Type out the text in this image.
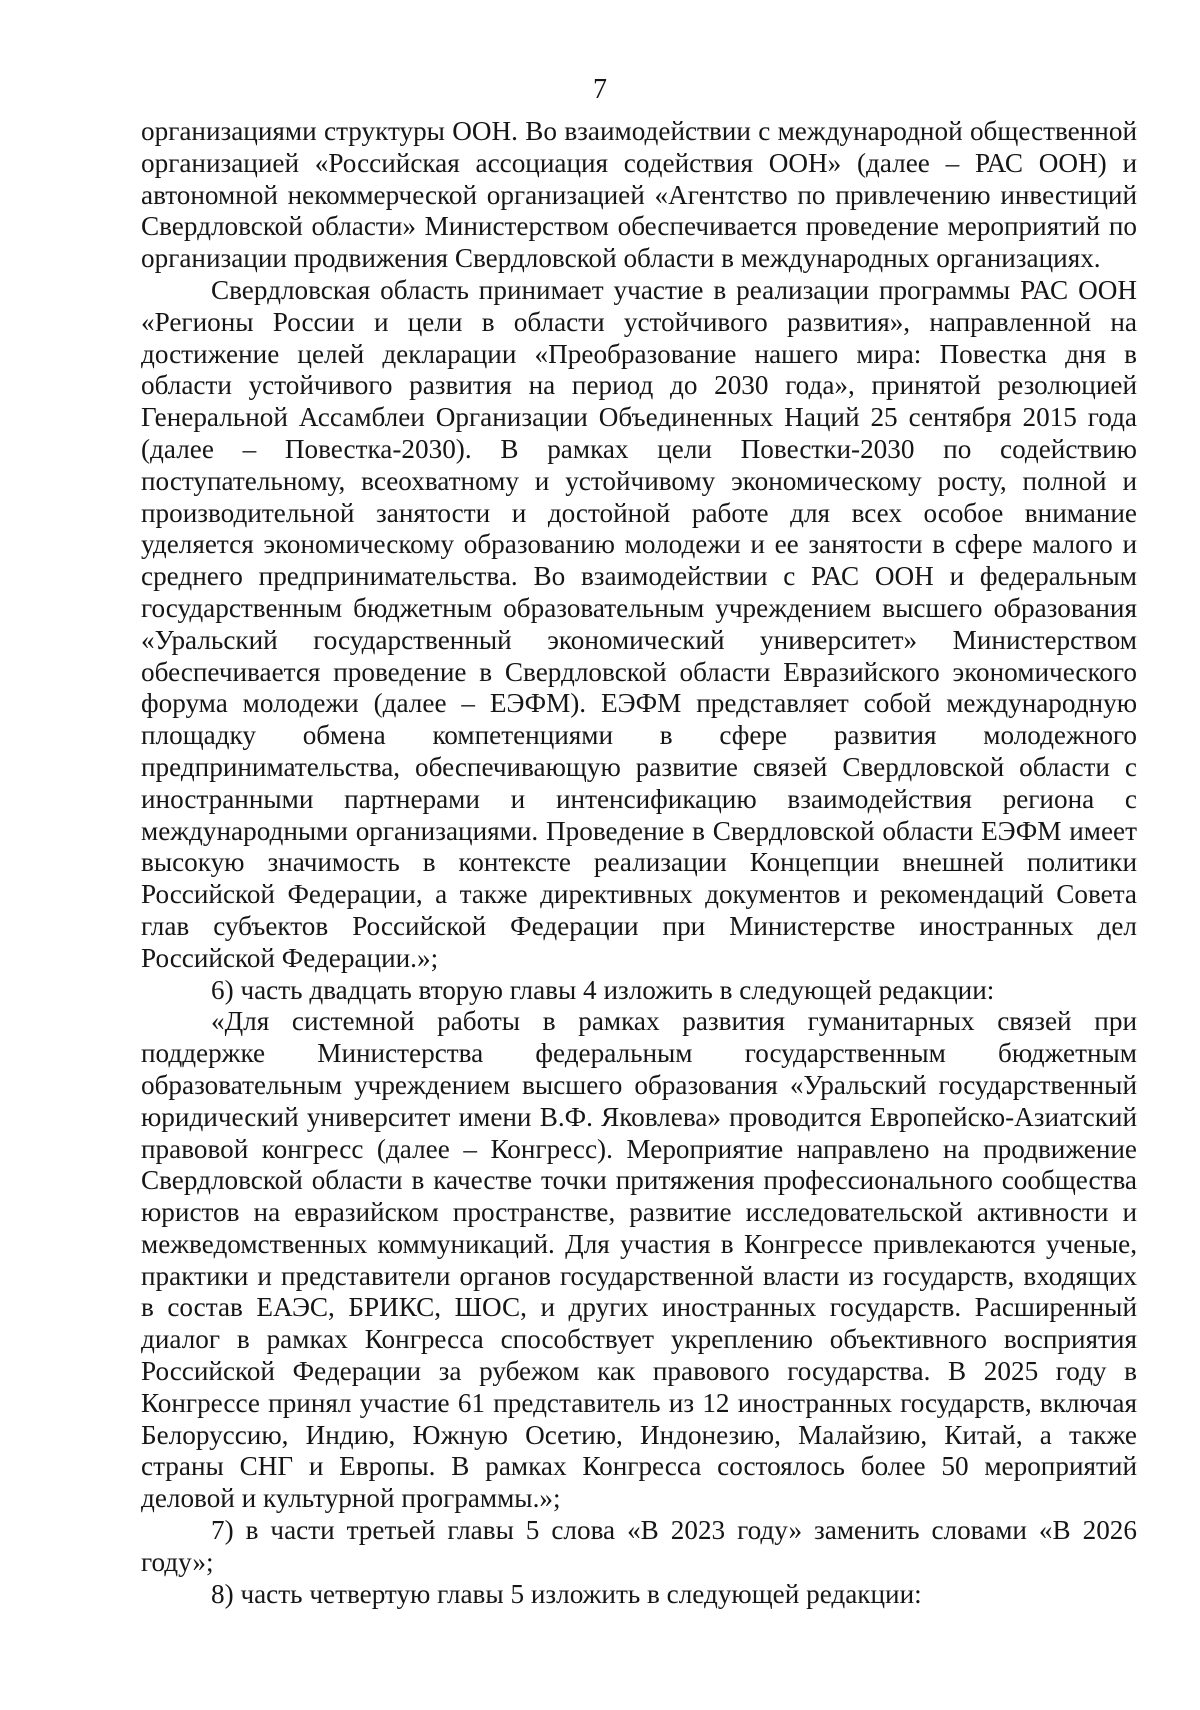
7

организациями структуры ООН. Во взаимодействии с международной общественной организацией «Российская ассоциация содействия ООН» (далее – РАС ООН) и автономной некоммерческой организацией «Агентство по привлечению инвестиций Свердловской области» Министерством обеспечивается проведение мероприятий по организации продвижения Свердловской области в международных организациях.

Свердловская область принимает участие в реализации программы РАС ООН «Регионы России и цели в области устойчивого развития», направленной на достижение целей декларации «Преобразование нашего мира: Повестка дня в области устойчивого развития на период до 2030 года», принятой резолюцией Генеральной Ассамблеи Организации Объединенных Наций 25 сентября 2015 года (далее – Повестка-2030). В рамках цели Повестки-2030 по содействию поступательному, всеохватному и устойчивому экономическому росту, полной и производительной занятости и достойной работе для всех особое внимание уделяется экономическому образованию молодежи и ее занятости в сфере малого и среднего предпринимательства. Во взаимодействии с РАС ООН и федеральным государственным бюджетным образовательным учреждением высшего образования «Уральский государственный экономический университет» Министерством обеспечивается проведение в Свердловской области Евразийского экономического форума молодежи (далее – ЕЭФМ). ЕЭФМ представляет собой международную площадку обмена компетенциями в сфере развития молодежного предпринимательства, обеспечивающую развитие связей Свердловской области с иностранными партнерами и интенсификацию взаимодействия региона с международными организациями. Проведение в Свердловской области ЕЭФМ имеет высокую значимость в контексте реализации Концепции внешней политики Российской Федерации, а также директивных документов и рекомендаций Совета глав субъектов Российской Федерации при Министерстве иностранных дел Российской Федерации.»;

6) часть двадцать вторую главы 4 изложить в следующей редакции:

«Для системной работы в рамках развития гуманитарных связей при поддержке Министерства федеральным государственным бюджетным образовательным учреждением высшего образования «Уральский государственный юридический университет имени В.Ф. Яковлева» проводится Европейско-Азиатский правовой конгресс (далее – Конгресс). Мероприятие направлено на продвижение Свердловской области в качестве точки притяжения профессионального сообщества юристов на евразийском пространстве, развитие исследовательской активности и межведомственных коммуникаций. Для участия в Конгрессе привлекаются ученые, практики и представители органов государственной власти из государств, входящих в состав ЕАЭС, БРИКС, ШОС, и других иностранных государств. Расширенный диалог в рамках Конгресса способствует укреплению объективного восприятия Российской Федерации за рубежом как правового государства. В 2025 году в Конгрессе принял участие 61 представитель из 12 иностранных государств, включая Белоруссию, Индию, Южную Осетию, Индонезию, Малайзию, Китай, а также страны СНГ и Европы. В рамках Конгресса состоялось более 50 мероприятий деловой и культурной программы.»;

7) в части третьей главы 5 слова «В 2023 году» заменить словами «В 2026 году»;

8) часть четвертую главы 5 изложить в следующей редакции:
